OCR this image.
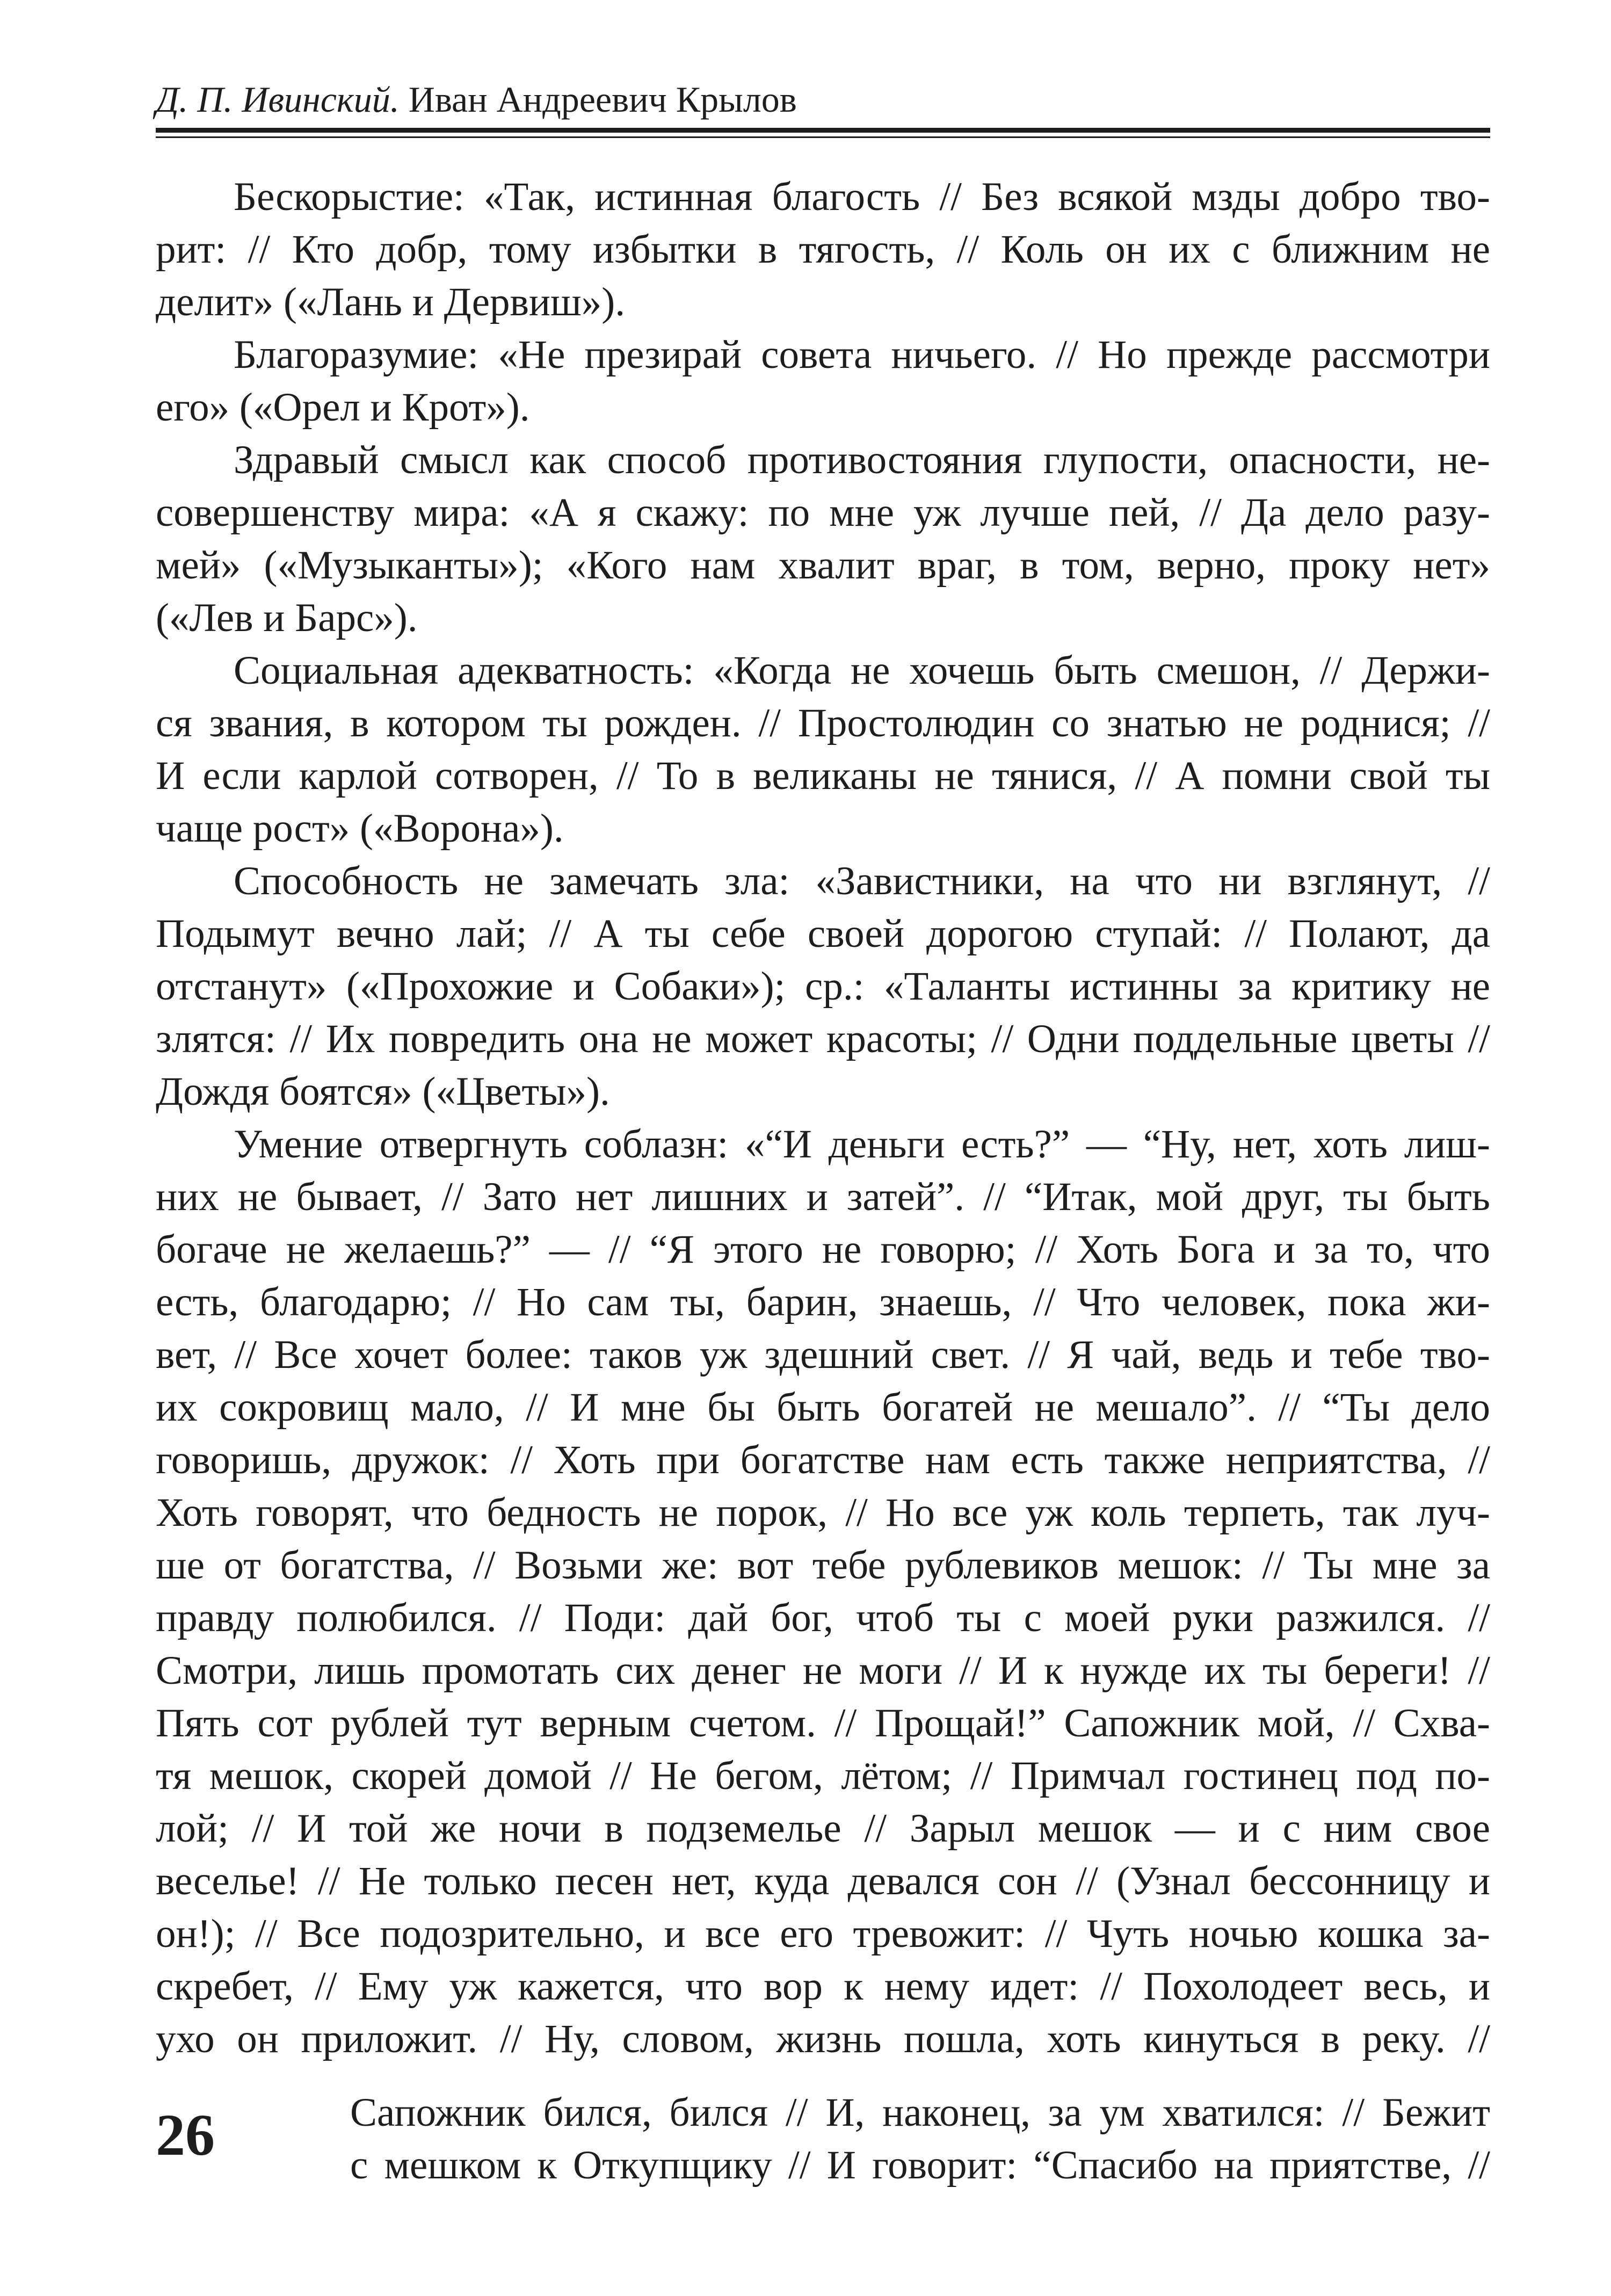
Д. П. Ивинский. Иван Андреевич Крылов
Бескорыстие: «Так, истинная благость // Без всякой мзды добро тво-
рит: // Кто добр, тому избытки в тягость, // Коль он их с ближним не
делит» («Лань и Дервиш»).
Благоразумие: «Не презирай совета ничьего. // Но прежде рассмотри
его» («Орел и Крот»).
Здравый смысл как способ противостояния глупости, опасности, не-
совершенству мира: «А я скажу: по мне уж лучше пей, // Да дело разу-
мей» («Музыканты»); «Кого нам хвалит враг, в том, верно, проку нет»
(«Лев и Барс»).
Социальная адекватность: «Когда не хочешь быть смешон, // Держи-
ся звания, в котором ты рожден. // Простолюдин со знатью не роднися; //
И если карлой сотворен, // То в великаны не тянися, // А помни свой ты
чаще рост» («Ворона»).
Способность не замечать зла: «Завистники, на что ни взглянут, //
Подымут вечно лай; // А ты себе своей дорогою ступай: // Полают, да
отстанут» («Прохожие и Собаки»); ср.: «Таланты истинны за критику не
злятся: // Их повредить она не может красоты; // Одни поддельные цветы //
Дождя боятся» («Цветы»).
Умение отвергнуть соблазн: «“И деньги есть?” — “Ну, нет, хоть лиш-
них не бывает, // Зато нет лишних и затей”. // “Итак, мой друг, ты быть
богаче не желаешь?” — // “Я этого не говорю; // Хоть Бога и за то, что
есть, благодарю; // Но сам ты, барин, знаешь, // Что человек, пока жи-
вет, // Все хочет более: таков уж здешний свет. // Я чай, ведь и тебе тво-
их сокровищ мало, // И мне бы быть богатей не мешало”. // “Ты дело
говоришь, дружок: // Хоть при богатстве нам есть также неприятства, //
Хоть говорят, что бедность не порок, // Но все уж коль терпеть, так луч-
ше от богатства, // Возьми же: вот тебе рублевиков мешок: // Ты мне за
правду полюбился. // Поди: дай бог, чтоб ты с моей руки разжился. //
Смотри, лишь промотать сих денег не моги // И к нужде их ты береги! //
Пять сот рублей тут верным счетом. // Прощай!” Сапожник мой, // Схва-
тя мешок, скорей домой // Не бегом, лётом; // Примчал гостинец под по-
лой; // И той же ночи в подземелье // Зарыл мешок — и с ним свое
веселье! // Не только песен нет, куда девался сон // (Узнал бессонницу и
он!); // Все подозрительно, и все его тревожит: // Чуть ночью кошка за-
скребет, // Ему уж кажется, что вор к нему идет: // Похолодеет весь, и
ухо он приложит. // Ну, словом, жизнь пошла, хоть кинуться в реку. //
Сапожник бился, бился // И, наконец, за ум хватился: // Бежит
с мешком к Откупщику // И говорит: “Спасибо на приятстве, //
26
